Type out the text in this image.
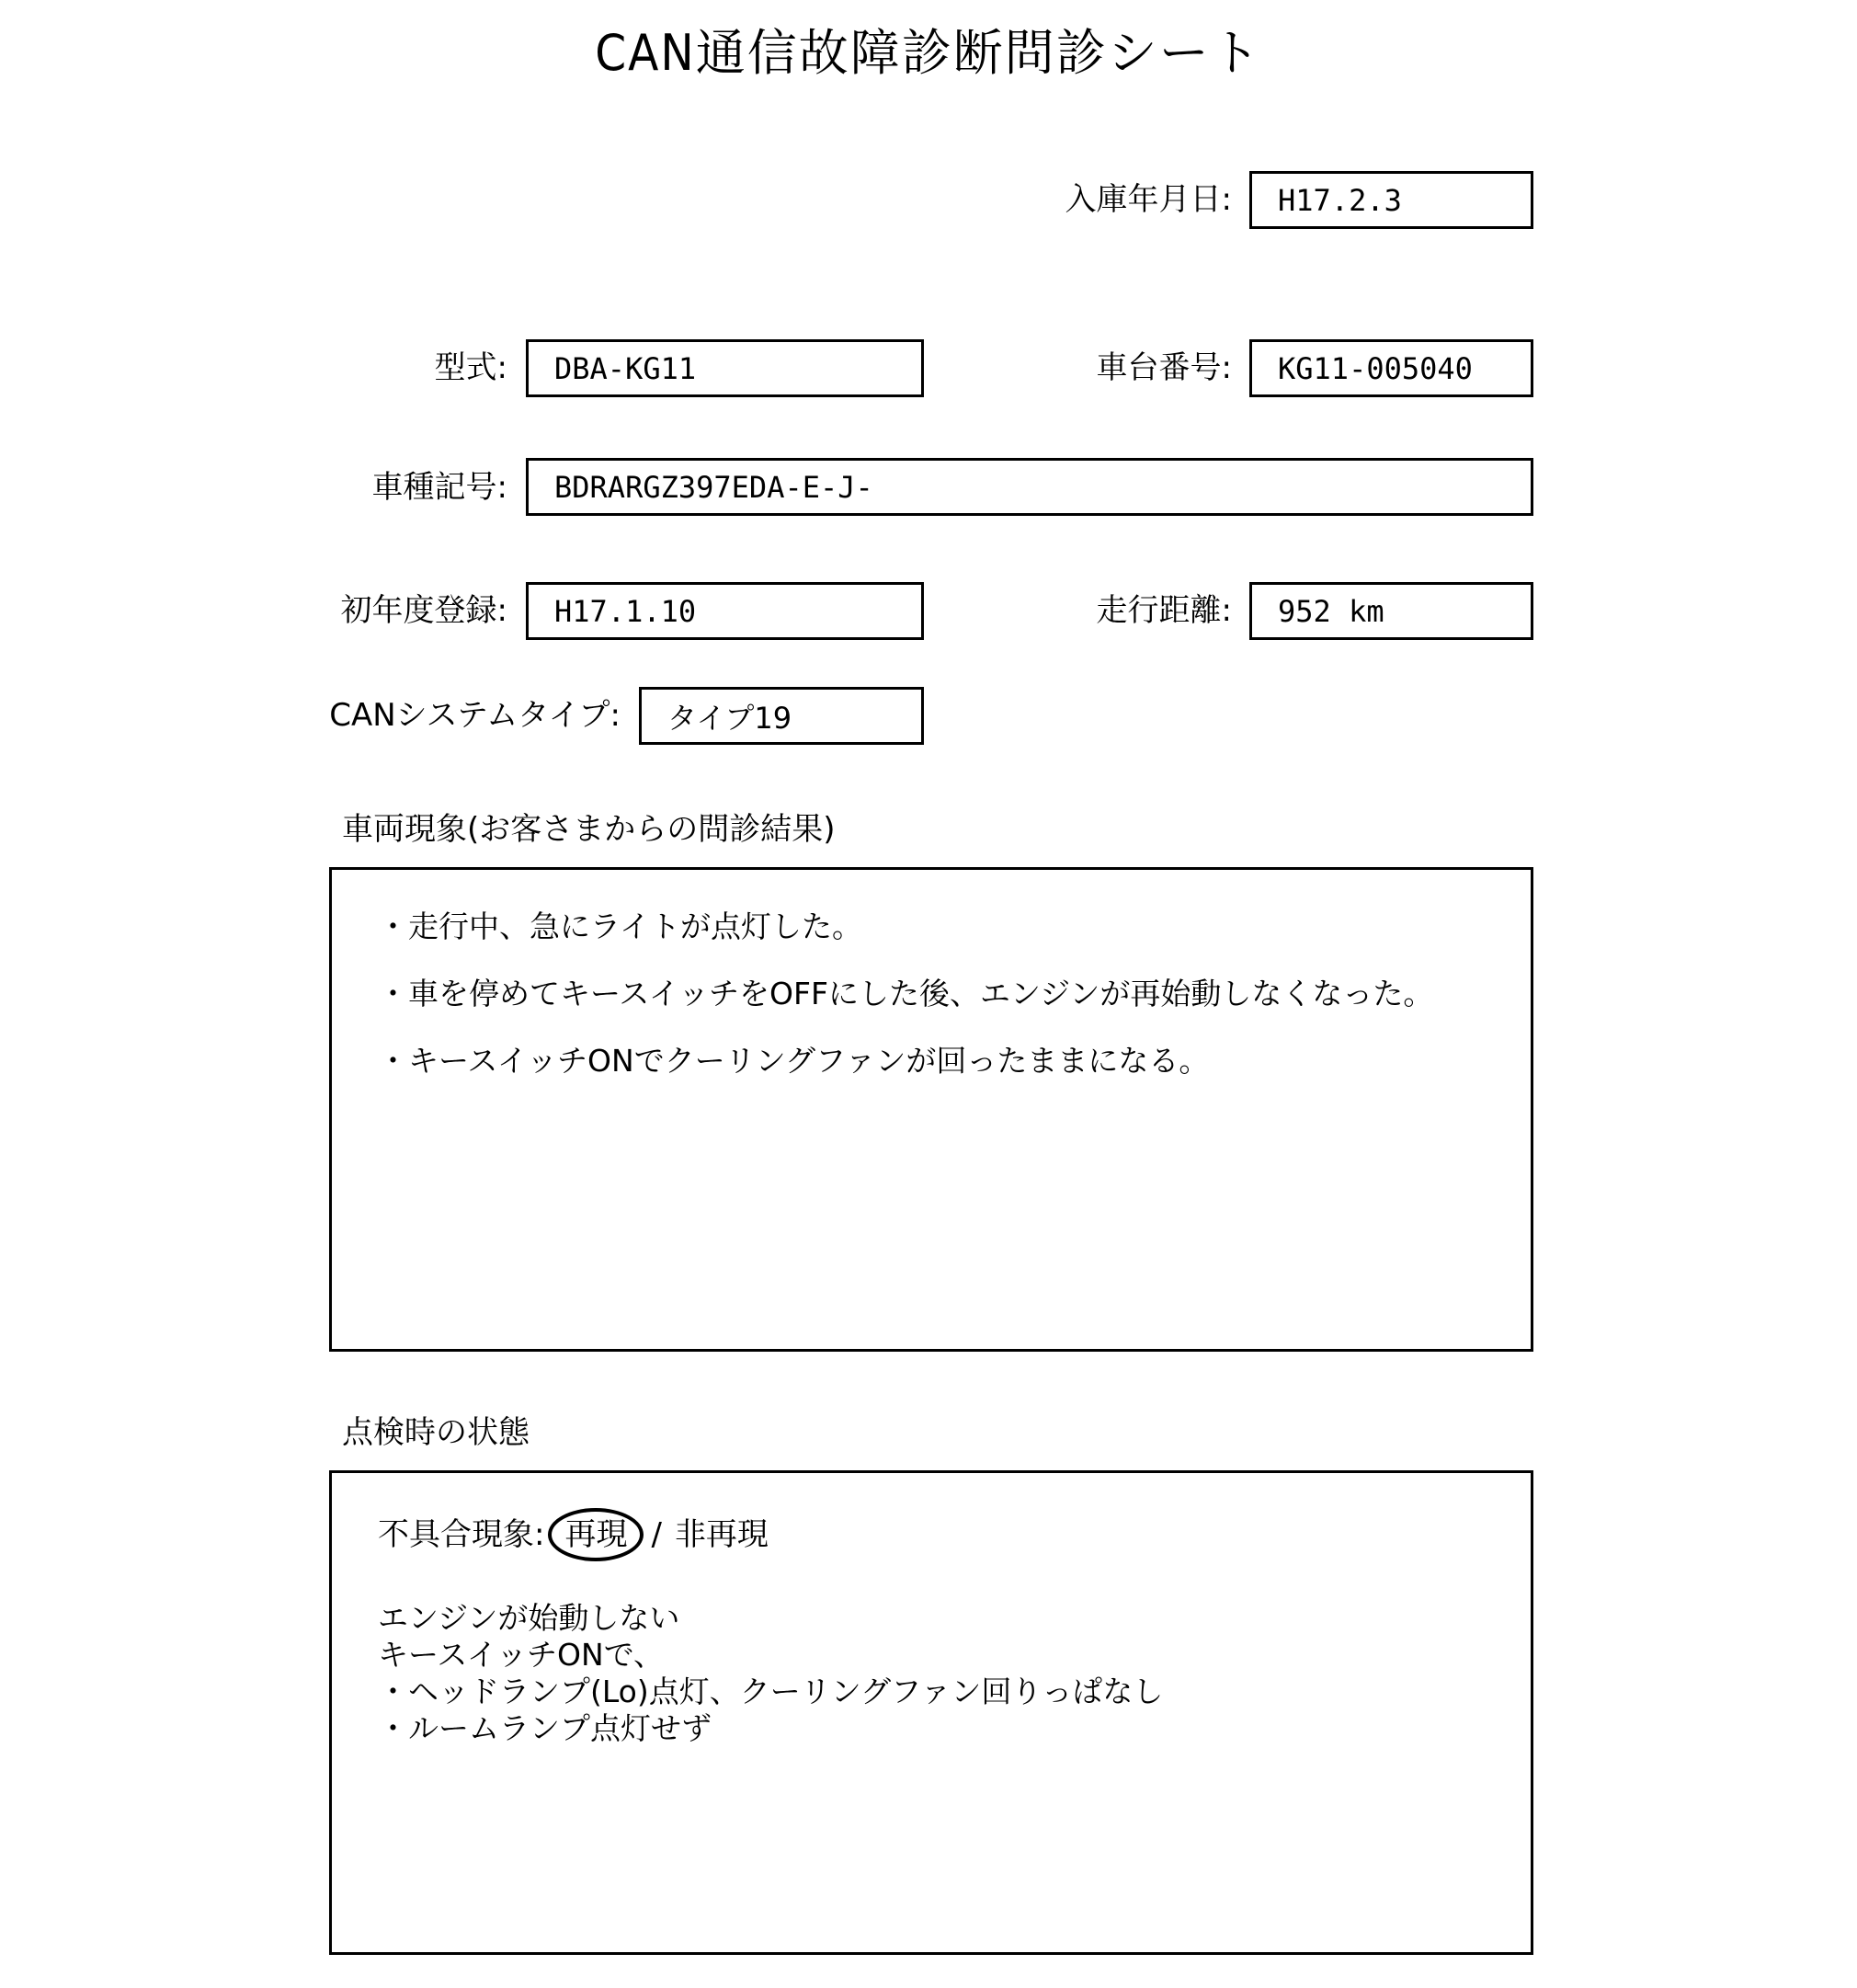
CAN通信故障診断問診シート
入庫年月日:	H17.2.3
型式:	DBA-KG11	車台番号:	KG11-005040
車種記号:	BDRARGZ397EDA-E-J-
初年度登録:	H17.1.10	走行距離:	952 km
CANシステムタイプ:	タイプ19
車両現象(お客さまからの問診結果)
・走行中、急にライトが点灯した。
・車を停めてキースイッチをOFFにした後、エンジンが再始動しなくなった。
・キースイッチONでクーリングファンが回ったままになる。
点検時の状態
不具合現象: 再現 / 非再現
エンジンが始動しない
キースイッチONで、
・ヘッドランプ(Lo)点灯、クーリングファン回りっぱなし
・ルームランプ点灯せず
